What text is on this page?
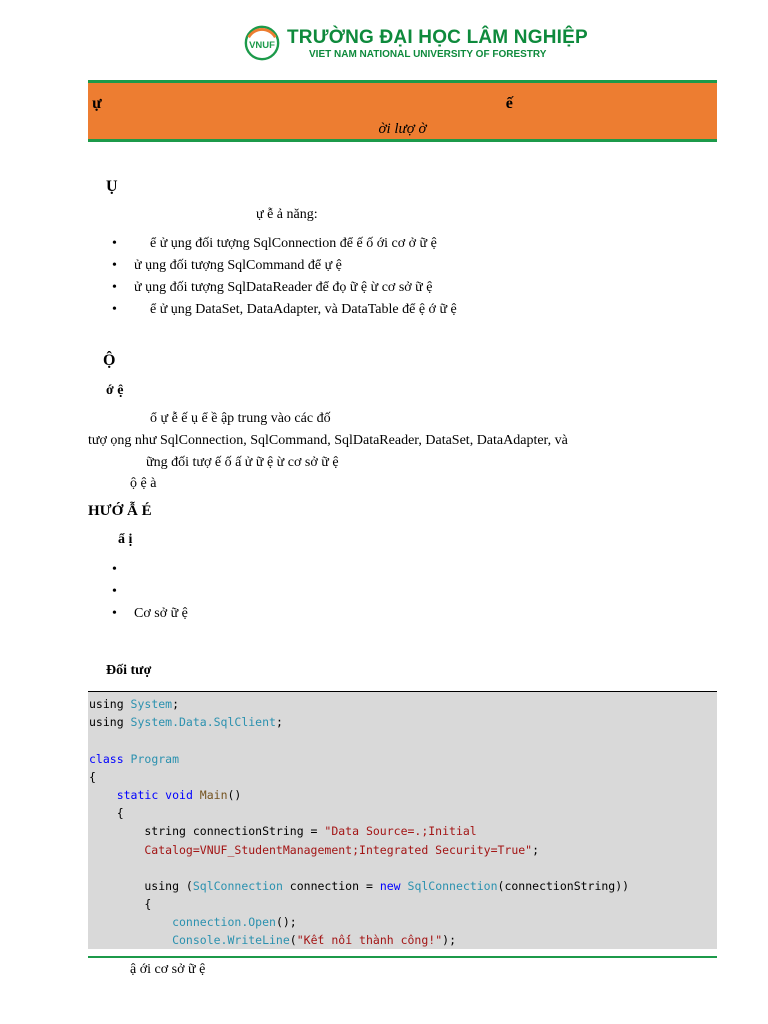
VNUF TRƯỜNG ĐẠI HỌC LÂM NGHIỆP
VIET NAM NATIONAL UNIVERSITY OF FORESTRY
ự ế
ời lượ ờ
Ụ
ự ễ ả năng:
• ể ử ụng đối tượng SqlConnection để ế ố ới cơ ở ữ ệ
• ử ụng đối tượng SqlCommand để ự ệ
• ử ụng đối tượng SqlDataReader để đọ ữ ệ ừ cơ sở ữ ệ
• ể ử ụng DataSet, DataAdapter, và DataTable để ệ ớ ữ ệ
Ộ
ớ ệ
ổ ự ễ ế ụ ể ề ập trung vào các đố
tượ ọng như SqlConnection, SqlCommand, SqlDataReader, DataSet, DataAdapter, và
ững đối tượ ế ố ấ ử ữ ệ ừ cơ sở ữ ệ
ộ ệ à
HƯỚ Ẫ É
ẩ ị
•
•
• Cơ sở ữ ệ
Đối tượ
using System;
using System.Data.SqlClient;
class Program
{
static void Main()
{
string connectionString = "Data Source=.;Initial
Catalog=VNUF_StudentManagement;Integrated Security=True";
using (SqlConnection connection = new SqlConnection(connectionString))
{
connection.Open();
Console.WriteLine("Kết nối thành công!");
ậ ới cơ sở ữ ệ
